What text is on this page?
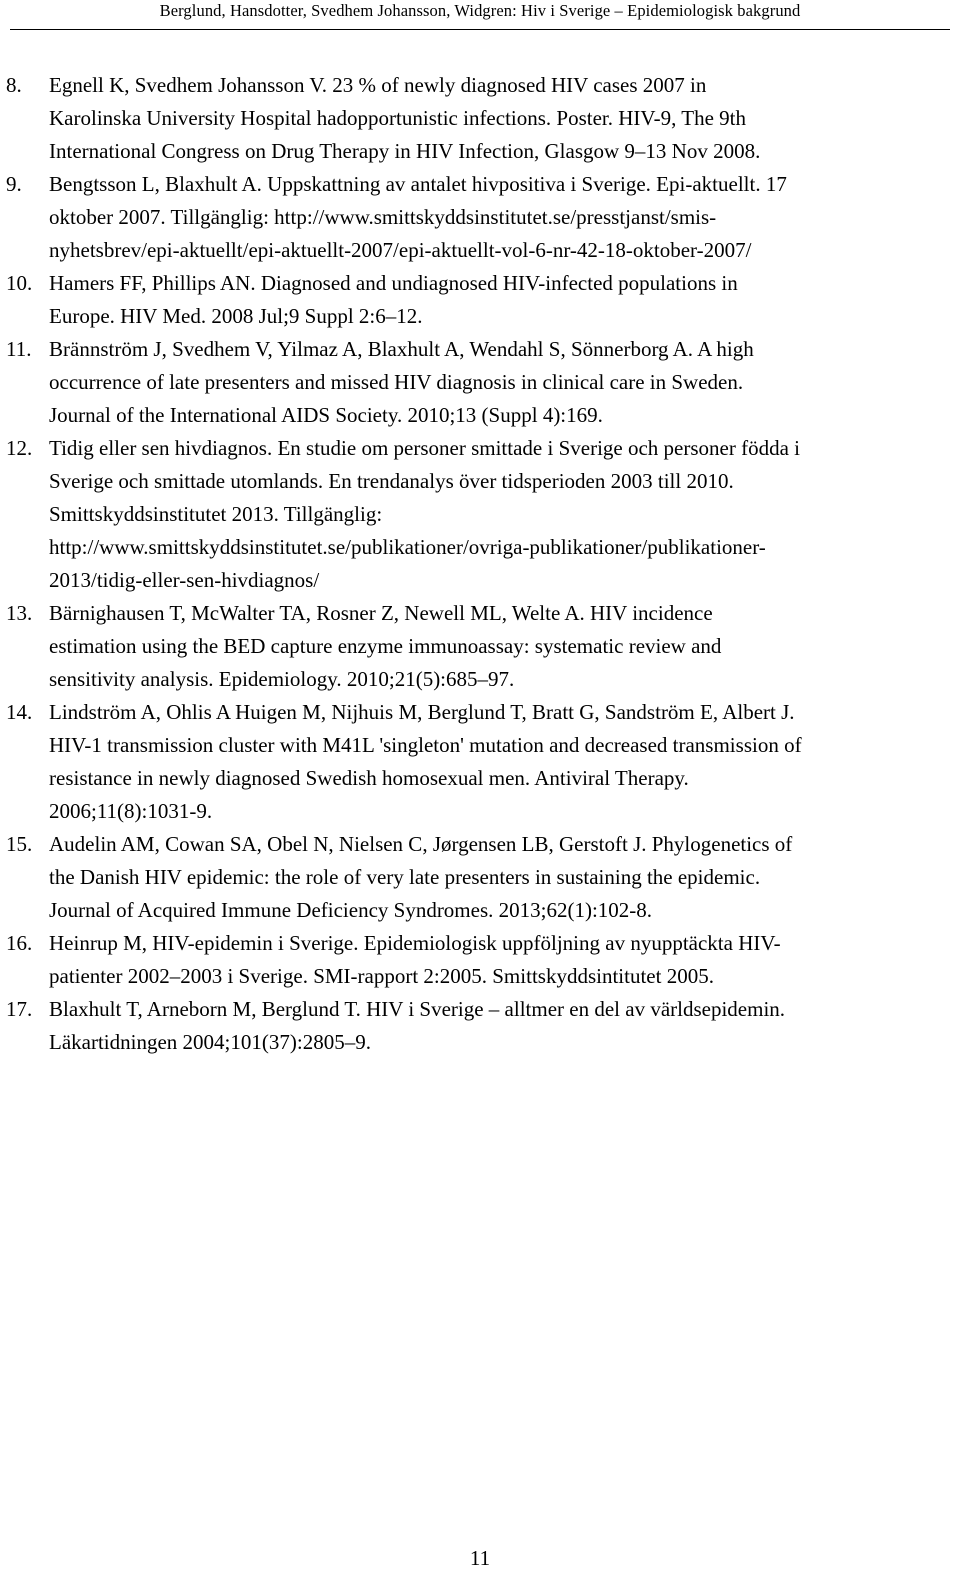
Berglund, Hansdotter, Svedhem Johansson, Widgren: Hiv i Sverige – Epidemiologisk bakgrund
8. Egnell K, Svedhem Johansson V. 23 % of newly diagnosed HIV cases 2007 in
Karolinska University Hospital hadopportunistic infections. Poster. HIV-9, The 9th
International Congress on Drug Therapy in HIV Infection, Glasgow 9–13 Nov 2008.
9. Bengtsson L, Blaxhult A. Uppskattning av antalet hivpositiva i Sverige. Epi-aktuellt. 17
oktober 2007. Tillgänglig: http://www.smittskyddsinstitutet.se/presstjanst/smis-
nyhetsbrev/epi-aktuellt/epi-aktuellt-2007/epi-aktuellt-vol-6-nr-42-18-oktober-2007/
10. Hamers FF, Phillips AN. Diagnosed and undiagnosed HIV-infected populations in
Europe. HIV Med. 2008 Jul;9 Suppl 2:6–12.
11. Brännström J, Svedhem V, Yilmaz A, Blaxhult A, Wendahl S, Sönnerborg A. A high
occurrence of late presenters and missed HIV diagnosis in clinical care in Sweden.
Journal of the International AIDS Society. 2010;13 (Suppl 4):169.
12. Tidig eller sen hivdiagnos. En studie om personer smittade i Sverige och personer födda i
Sverige och smittade utomlands. En trendanalys över tidsperioden 2003 till 2010.
Smittskyddsinstitutet 2013. Tillgänglig:
http://www.smittskyddsinstitutet.se/publikationer/ovriga-publikationer/publikationer-
2013/tidig-eller-sen-hivdiagnos/
13. Bärnighausen T, McWalter TA, Rosner Z, Newell ML, Welte A. HIV incidence
estimation using the BED capture enzyme immunoassay: systematic review and
sensitivity analysis. Epidemiology. 2010;21(5):685–97.
14. Lindström A, Ohlis A Huigen M, Nijhuis M, Berglund T, Bratt G, Sandström E, Albert J.
HIV-1 transmission cluster with M41L 'singleton' mutation and decreased transmission of
resistance in newly diagnosed Swedish homosexual men. Antiviral Therapy.
2006;11(8):1031-9.
15. Audelin AM, Cowan SA, Obel N, Nielsen C, Jørgensen LB, Gerstoft J. Phylogenetics of
the Danish HIV epidemic: the role of very late presenters in sustaining the epidemic.
Journal of Acquired Immune Deficiency Syndromes. 2013;62(1):102-8.
16. Heinrup M, HIV-epidemin i Sverige. Epidemiologisk uppföljning av nyupptäckta HIV-
patienter 2002–2003 i Sverige. SMI-rapport 2:2005. Smittskyddsintitutet 2005.
17. Blaxhult T, Arneborn M, Berglund T. HIV i Sverige – alltmer en del av världsepidemin.
Läkartidningen 2004;101(37):2805–9.
11
